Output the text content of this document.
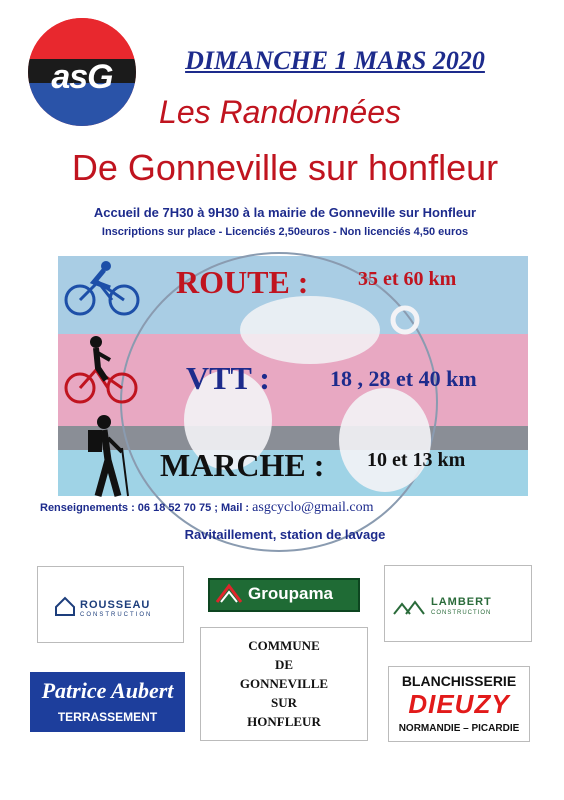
asG	DIMANCHE 1 MARS 2020
Les Randonnées
De Gonneville sur honfleur
Accueil de 7H30 à 9H30 à la mairie de Gonneville sur Honfleur
Inscriptions sur place - Licenciés 2,50euros - Non licenciés 4,50 euros
ROUTE : 35 et 60 km
VTT :	18 , 28 et 40 km
MARCHE : 10 et 13 km
Renseignements : 06 18 52 70 75 ; Mail : asgcyclo@gmail.com
Ravitaillement, station de lavage
ROUSSEAU
CONSTRUCTION
Groupama	LAMBERT
CONSTRUCTION
COMMUNE
DE
GONNEVILLE
SUR
HONFLEUR
Patrice Aubert
TERRASSEMENT
BLANCHISSERIE
DIEUZY
NORMANDIE – PICARDIE
